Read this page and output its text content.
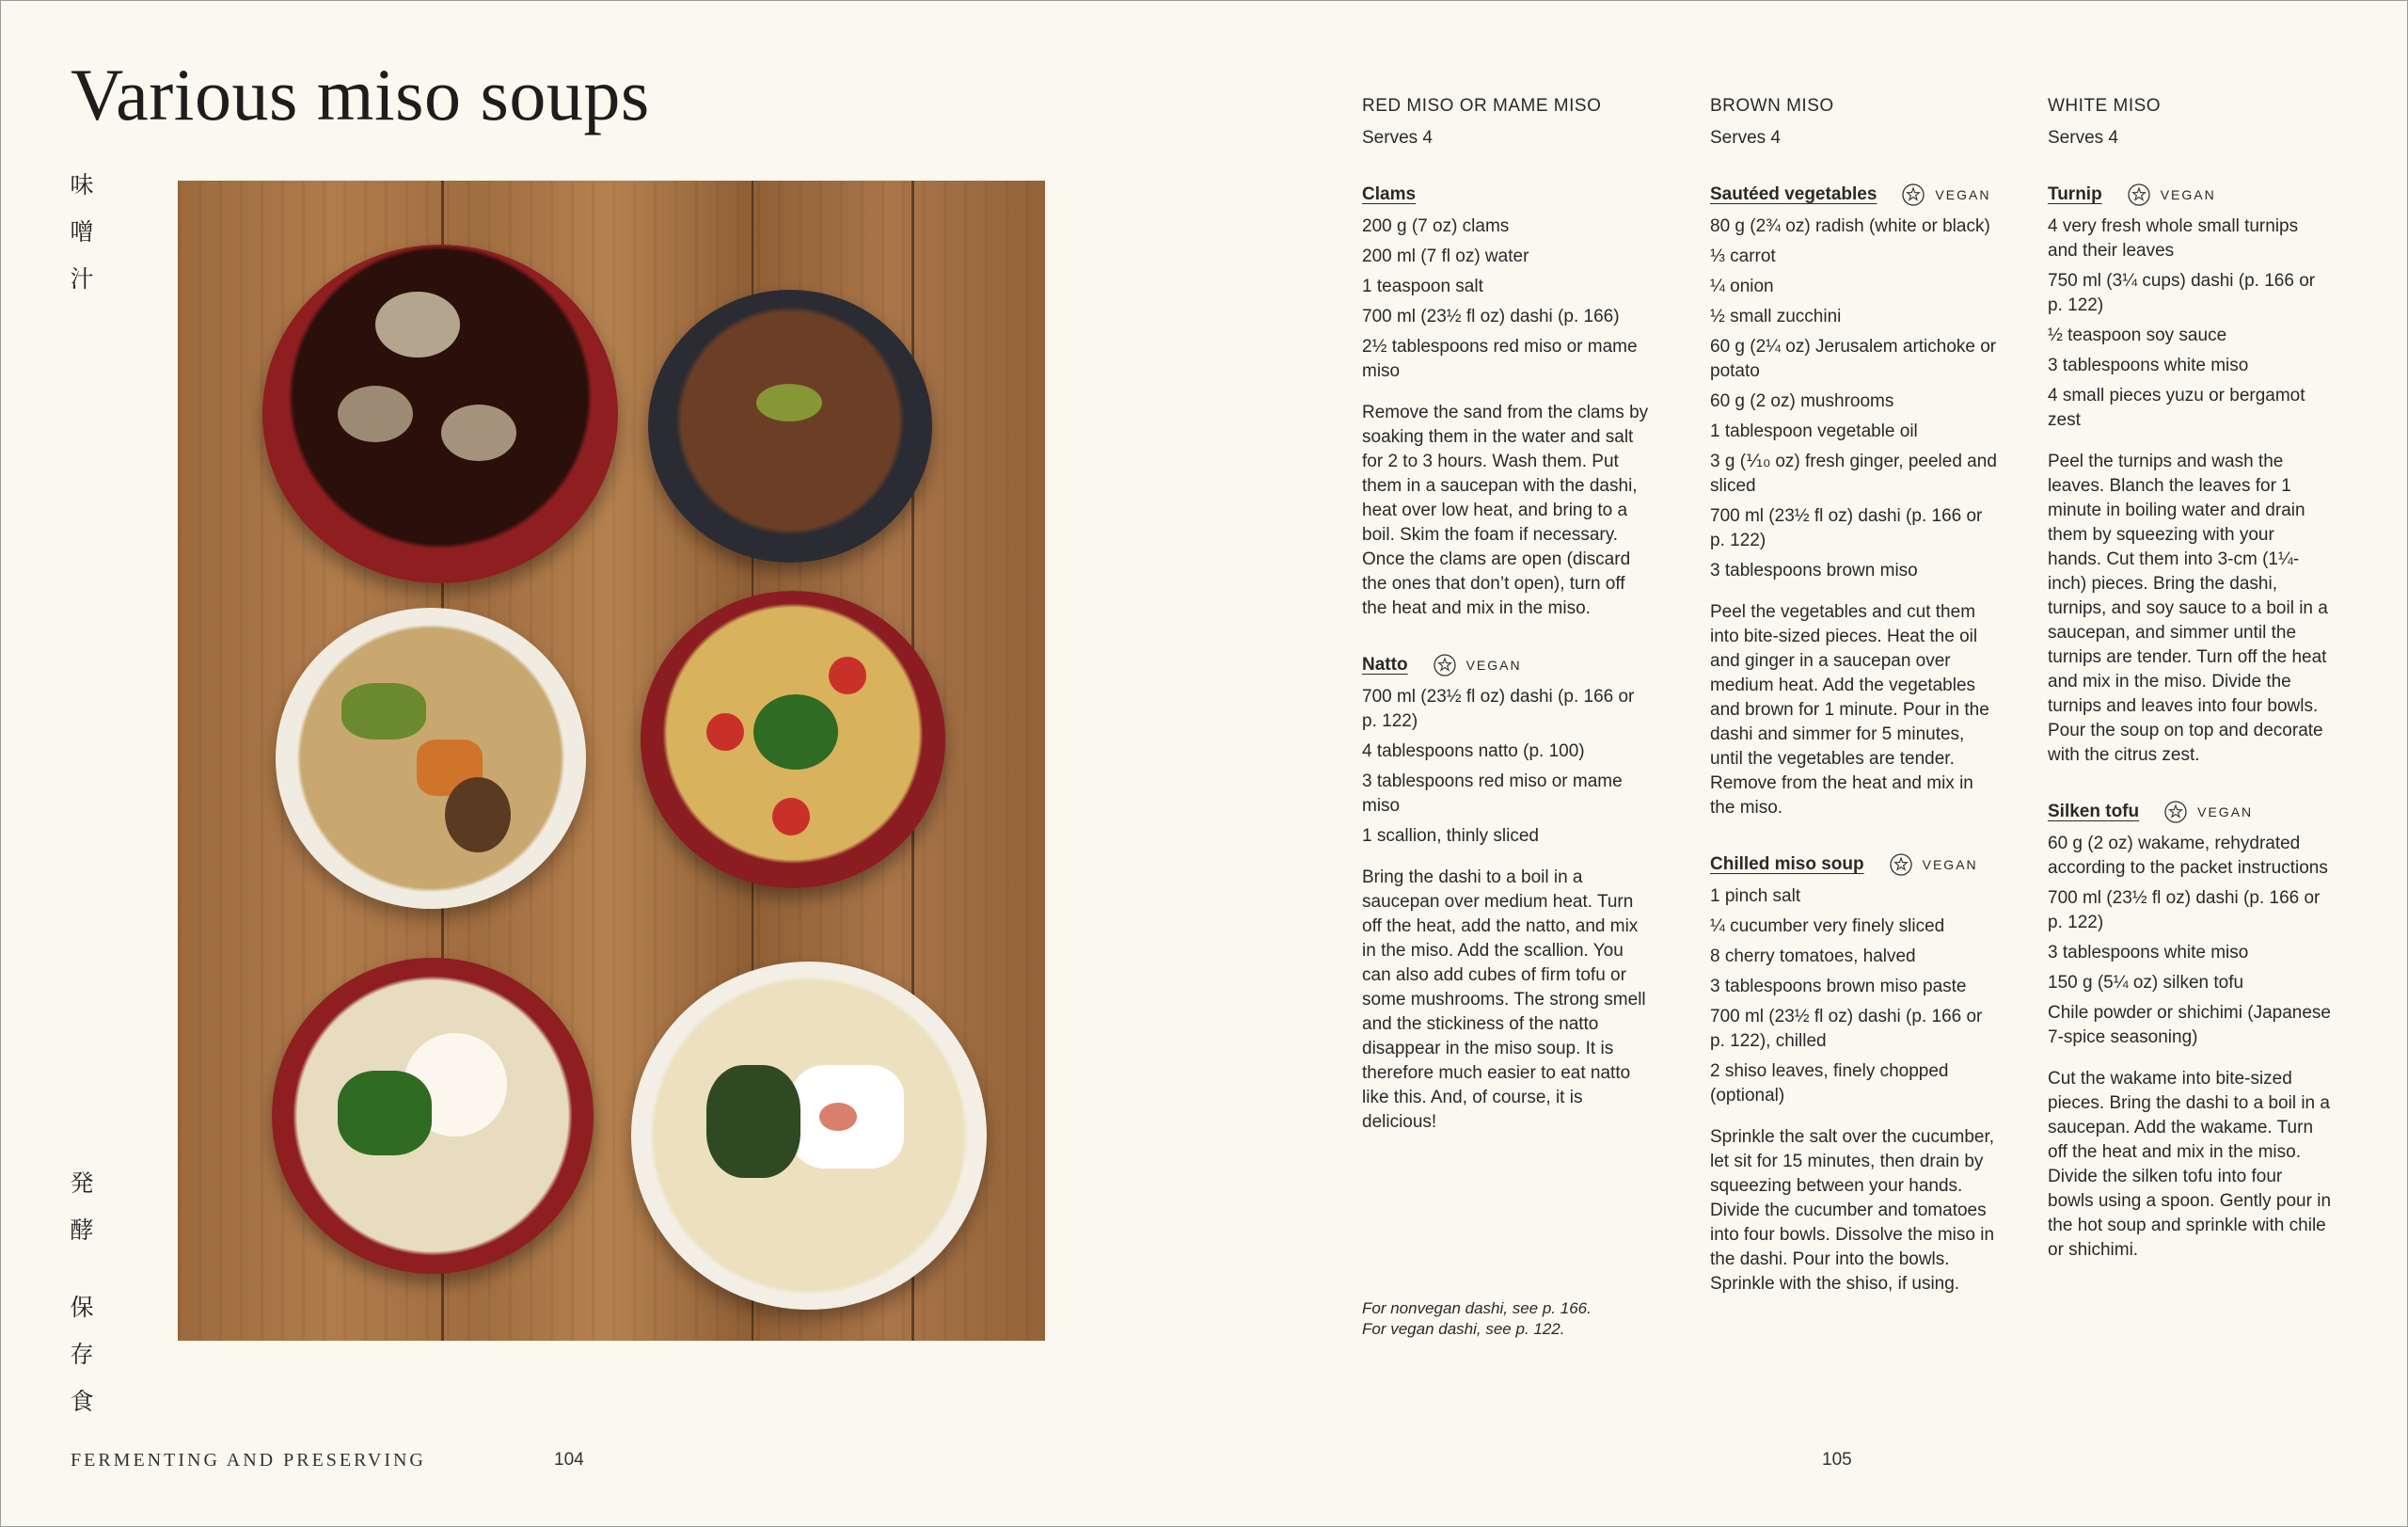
Various miso soups
味
噌
汁
発
酵
保
存
食
FERMENTING AND PRESERVING	104

RED MISO OR MAME MISO

Serves 4

Clams

200 g (7 oz) clams

200 ml (7 fl oz) water

1 teaspoon salt

700 ml (23½ fl oz) dashi (p. 166)

2½ tablespoons red miso or mame miso

Remove the sand from the clams by soaking them in the water and salt for 2 to 3 hours. Wash them. Put them in a saucepan with the dashi, heat over low heat, and bring to a boil. Skim the foam if necessary. Once the clams are open (discard the ones that don’t open), turn off the heat and mix in the miso.

Natto	VEGAN

700 ml (23½ fl oz) dashi (p. 166 or p. 122)

4 tablespoons natto (p. 100)

3 tablespoons red miso or mame miso

1 scallion, thinly sliced

Bring the dashi to a boil in a saucepan over medium heat. Turn off the heat, add the natto, and mix in the miso. Add the scallion. You can also add cubes of firm tofu or some mushrooms. The strong smell and the stickiness of the natto disappear in the miso soup. It is therefore much easier to eat natto like this. And, of course, it is delicious!

BROWN MISO

Serves 4

Sautéed vegetables	VEGAN

80 g (2¾ oz) radish (white or black)

⅓ carrot

¼ onion

½ small zucchini

60 g (2¼ oz) Jerusalem artichoke or potato

60 g (2 oz) mushrooms

1 tablespoon vegetable oil

3 g (⅒ oz) fresh ginger, peeled and sliced

700 ml (23½ fl oz) dashi (p. 166 or p. 122)

3 tablespoons brown miso

Peel the vegetables and cut them into bite-sized pieces. Heat the oil and ginger in a saucepan over medium heat. Add the vegetables and brown for 1 minute. Pour in the dashi and simmer for 5 minutes, until the vegetables are tender. Remove from the heat and mix in the miso.

Chilled miso soup	VEGAN

1 pinch salt

¼ cucumber very finely sliced

8 cherry tomatoes, halved

3 tablespoons brown miso paste

700 ml (23½ fl oz) dashi (p. 166 or p. 122), chilled

2 shiso leaves, finely chopped (optional)

Sprinkle the salt over the cucumber, let sit for 15 minutes, then drain by squeezing between your hands. Divide the cucumber and tomatoes into four bowls. Dissolve the miso in the dashi. Pour into the bowls. Sprinkle with the shiso, if using.

WHITE MISO

Serves 4

Turnip	VEGAN

4 very fresh whole small turnips and their leaves

750 ml (3¼ cups) dashi (p. 166 or p. 122)

½ teaspoon soy sauce

3 tablespoons white miso

4 small pieces yuzu or bergamot zest

Peel the turnips and wash the leaves. Blanch the leaves for 1 minute in boiling water and drain them by squeezing with your hands. Cut them into 3-cm (1¼-inch) pieces. Bring the dashi, turnips, and soy sauce to a boil in a saucepan, and simmer until the turnips are tender. Turn off the heat and mix in the miso. Divide the turnips and leaves into four bowls. Pour the soup on top and decorate with the citrus zest.

Silken tofu	VEGAN

60 g (2 oz) wakame, rehydrated according to the packet instructions

700 ml (23½ fl oz) dashi (p. 166 or p. 122)

3 tablespoons white miso

150 g (5¼ oz) silken tofu

Chile powder or shichimi (Japanese 7-spice seasoning)

Cut the wakame into bite-sized pieces. Bring the dashi to a boil in a saucepan. Add the wakame. Turn off the heat and mix in the miso. Divide the silken tofu into four bowls using a spoon. Gently pour in the hot soup and sprinkle with chile or shichimi.

For nonvegan dashi, see p. 166.
For vegan dashi, see p. 122.
105
